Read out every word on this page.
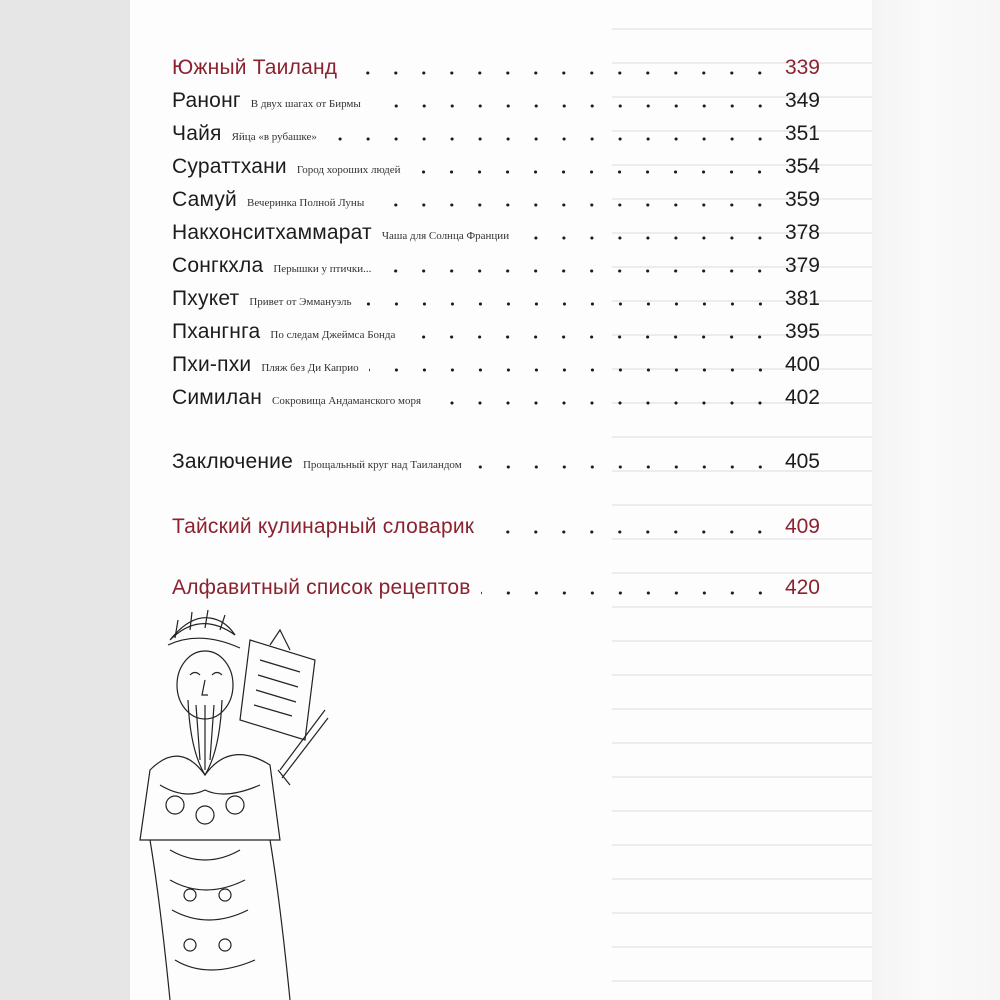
Южный Таиланд	339
Ранонг В двух шагах от Бирмы	349
Чайя Яйца «в рубашке»	351
Сураттхани Город хороших людей	354
Самуй Вечеринка Полной Луны	359
Накхонситхаммарат Чаша для Солнца Франции	378
Сонгкхла Перышки у птички...	379
Пхукет Привет от Эммануэль	381
Пхангнга По следам Джеймса Бонда	395
Пхи-пхи Пляж без Ди Каприо	400
Симилан Сокровища Андаманского моря	402
Заключение Прощальный круг над Таиландом	405
Тайский кулинарный словарик	409
Алфавитный список рецептов	420
